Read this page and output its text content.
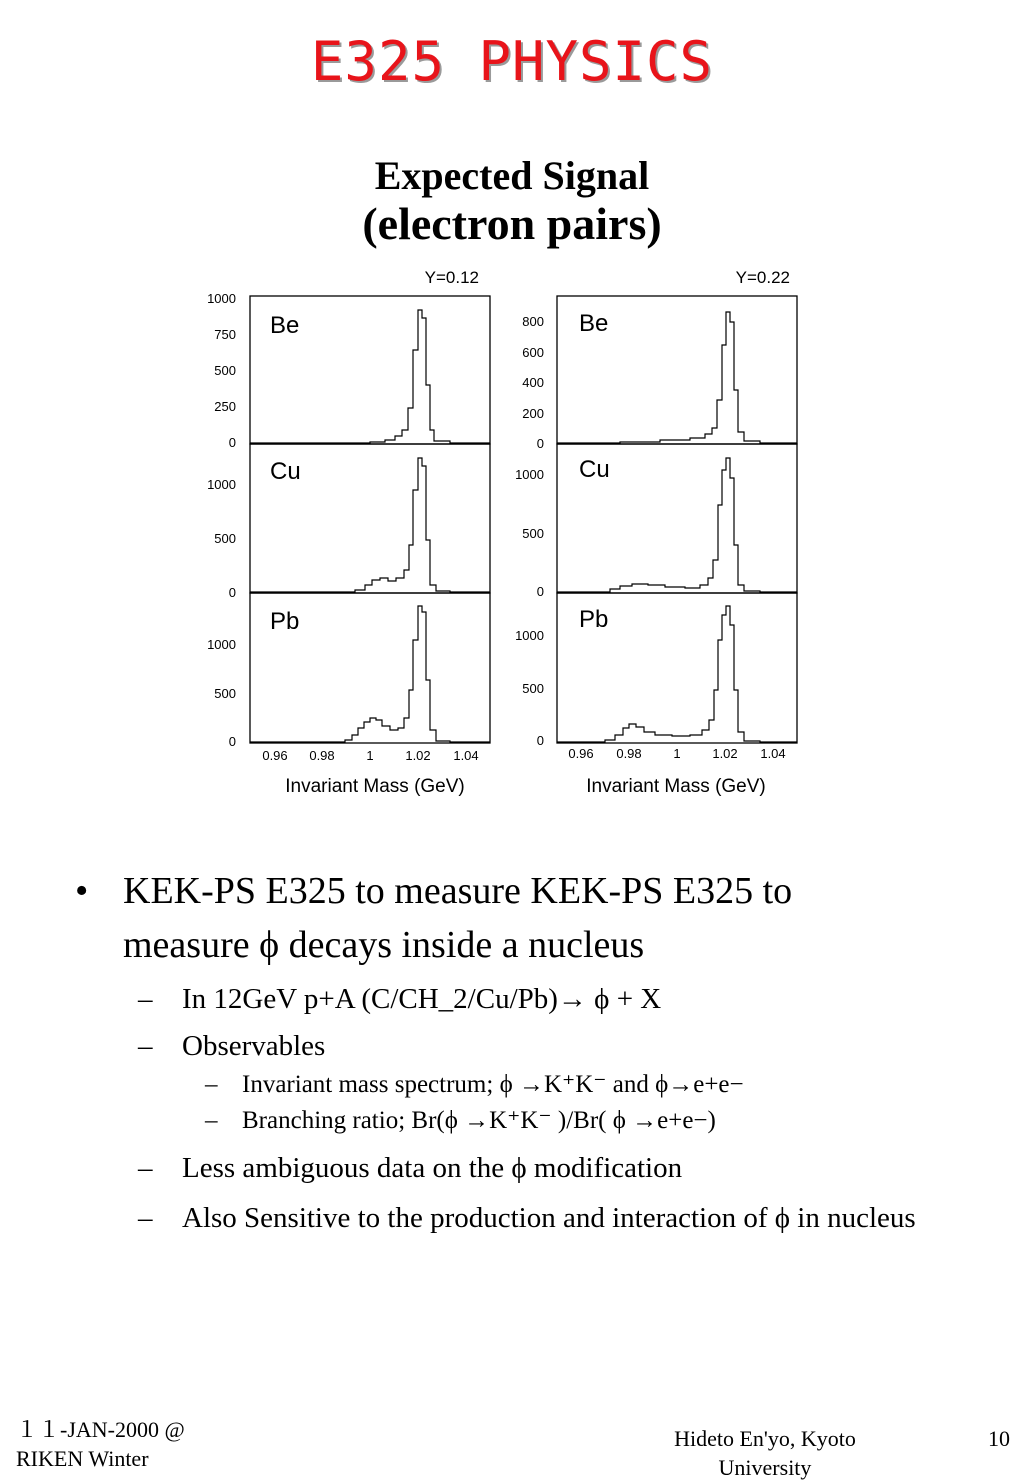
E325 PHYSICS
Expected Signal
(electron pairs)
Y=0.12	Y=0.22
Be
1000
750
500
250
0
Cu
1000
500
0
Pb
1000
500
0
0.96 0.98 1 1.02 1.04
Invariant Mass (GeV)
Be
800
600
400
200
0
Cu
1000
500
0
Pb
1000
500
0
0.96 0.98 1 1.02 1.04
Invariant Mass (GeV)
• KEK-PS E325 to measure KEK-PS E325 to measure ϕ decays inside a nucleus
– In 12GeV p+A (C/CH_2/Cu/Pb)→ ϕ + X
– Observables
– Invariant mass spectrum; ϕ →K⁺K⁻ and ϕ→e+e−
– Branching ratio; Br(ϕ →K⁺K⁻ )/Br( ϕ →e+e−)
– Less ambiguous data on the ϕ modification
– Also Sensitive to the production and interaction of ϕ in nucleus
１１-JAN-2000 @
RIKEN Winter
Hideto En'yo, Kyoto
University
10
